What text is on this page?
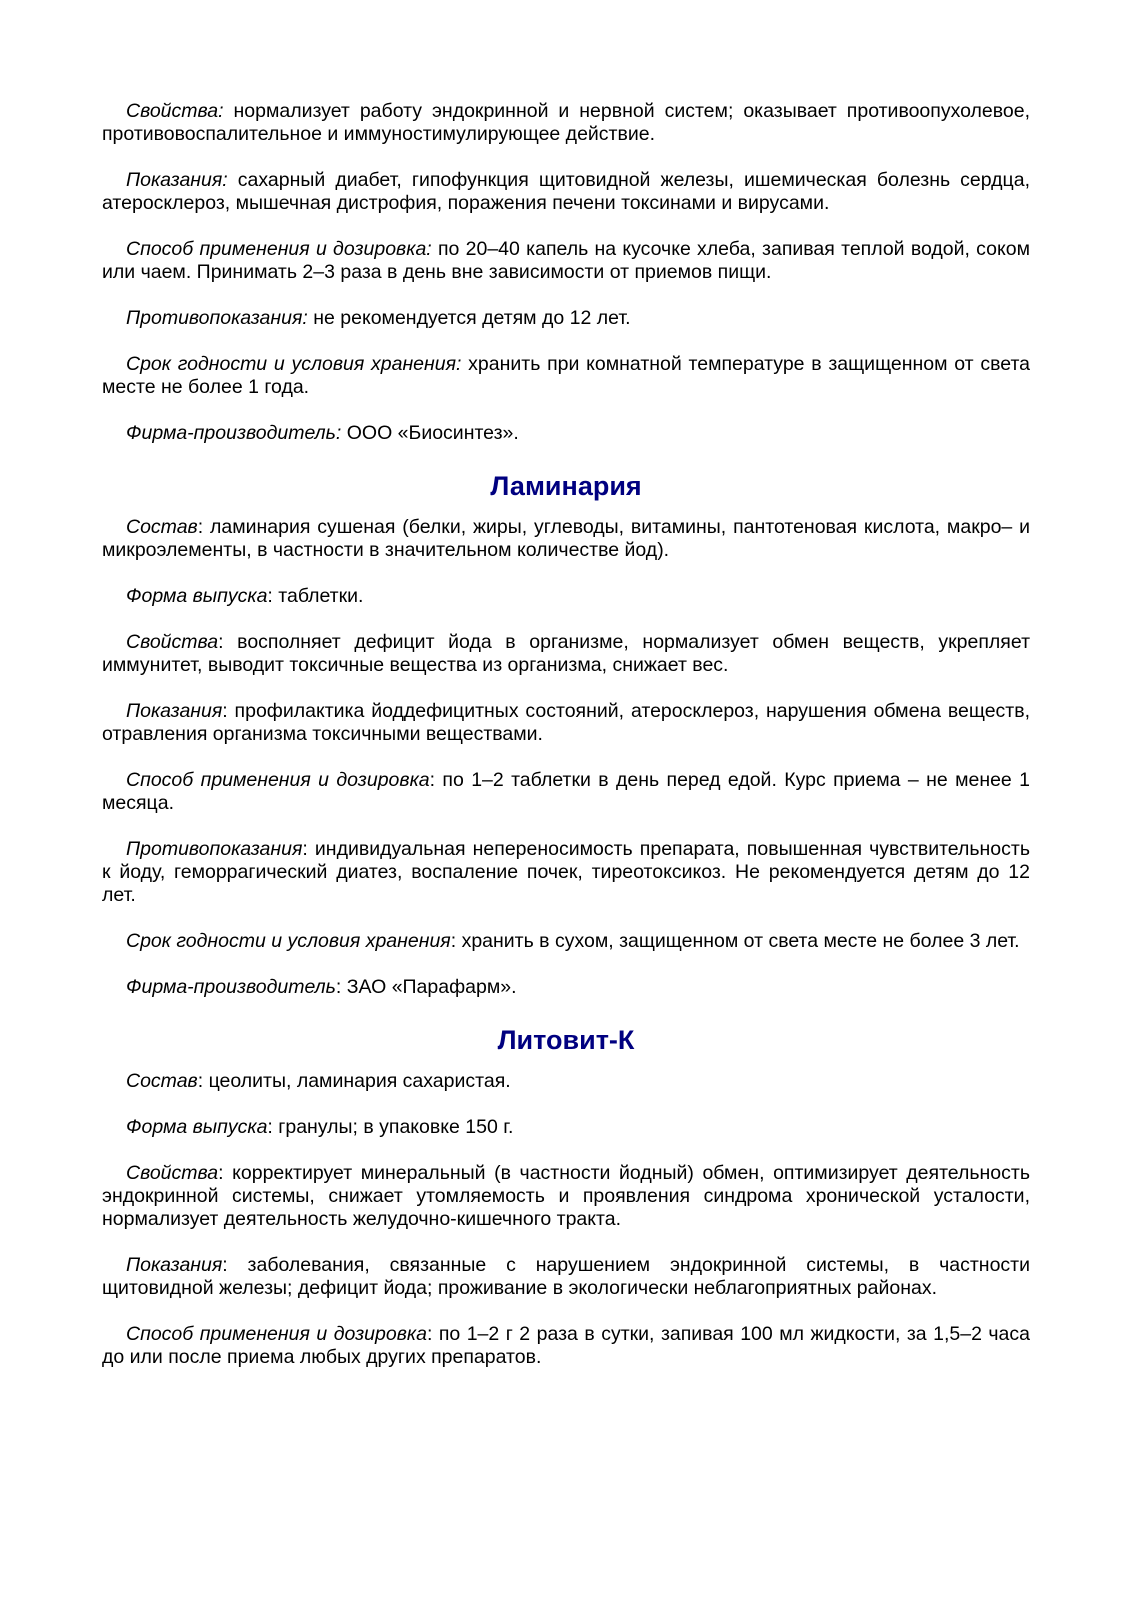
Свойства: нормализует работу эндокринной и нервной систем; оказывает противоопухолевое, противовоспалительное и иммуностимулирующее действие.

Показания: сахарный диабет, гипофункция щитовидной железы, ишемическая болезнь сердца, атеросклероз, мышечная дистрофия, поражения печени токсинами и вирусами.

Способ применения и дозировка: по 20–40 капель на кусочке хлеба, запивая теплой водой, соком или чаем. Принимать 2–3 раза в день вне зависимости от приемов пищи.

Противопоказания: не рекомендуется детям до 12 лет.

Срок годности и условия хранения: хранить при комнатной температуре в защищенном от света месте не более 1 года.

Фирма-производитель: ООО «Биосинтез».

Ламинария

Состав: ламинария сушеная (белки, жиры, углеводы, витамины, пантотеновая кислота, макро– и микроэлементы, в частности в значительном количестве йод).

Форма выпуска: таблетки.

Свойства: восполняет дефицит йода в организме, нормализует обмен веществ, укрепляет иммунитет, выводит токсичные вещества из организма, снижает вес.

Показания: профилактика йоддефицитных состояний, атеросклероз, нарушения обмена веществ, отравления организма токсичными веществами.

Способ применения и дозировка: по 1–2 таблетки в день перед едой. Курс приема – не менее 1 месяца.

Противопоказания: индивидуальная непереносимость препарата, повышенная чувствительность к йоду, геморрагический диатез, воспаление почек, тиреотоксикоз. Не рекомендуется детям до 12 лет.

Срок годности и условия хранения: хранить в сухом, защищенном от света месте не более 3 лет.

Фирма-производитель: ЗАО «Парафарм».

Литовит-К

Состав: цеолиты, ламинария сахаристая.

Форма выпуска: гранулы; в упаковке 150 г.

Свойства: корректирует минеральный (в частности йодный) обмен, оптимизирует деятельность эндокринной системы, снижает утомляемость и проявления синдрома хронической усталости, нормализует деятельность желудочно-кишечного тракта.

Показания: заболевания, связанные с нарушением эндокринной системы, в частности щитовидной железы; дефицит йода; проживание в экологически неблагоприятных районах.

Способ применения и дозировка: по 1–2 г 2 раза в сутки, запивая 100 мл жидкости, за 1,5–2 часа до или после приема любых других препаратов.
